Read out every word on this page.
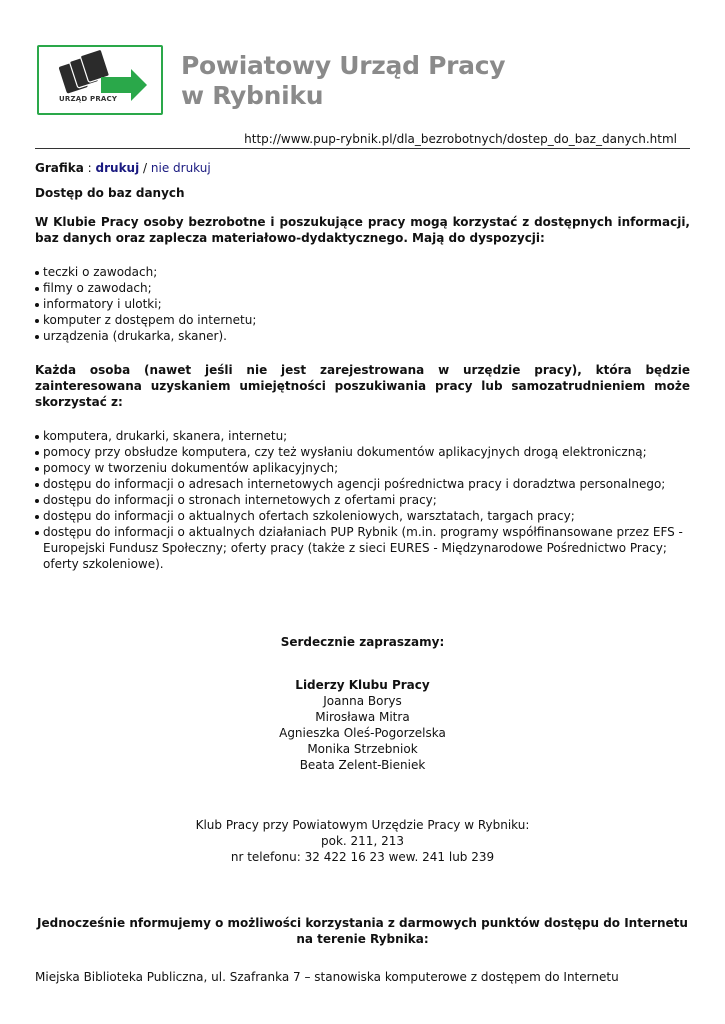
URZĄD PRACY
Powiatowy Urząd Pracy
w Rybniku
http://www.pup-rybnik.pl/dla_bezrobotnych/dostep_do_baz_danych.html

Grafika : drukuj / nie drukuj

Dostęp do baz danych

W Klubie Pracy osoby bezrobotne i poszukujące pracy mogą korzystać z dostępnych informacji, baz danych oraz zaplecza materiałowo-dydaktycznego. Mają do dyspozycji:

teczki o zawodach;
filmy o zawodach;
informatory i ulotki;
komputer z dostępem do internetu;
urządzenia (drukarka, skaner).

Każda osoba (nawet jeśli nie jest zarejestrowana w urzędzie pracy), która będzie zainteresowana uzyskaniem umiejętności poszukiwania pracy lub samozatrudnieniem może skorzystać z:

komputera, drukarki, skanera, internetu;
pomocy przy obsłudze komputera, czy też wysłaniu dokumentów aplikacyjnych drogą elektroniczną;
pomocy w tworzeniu dokumentów aplikacyjnych;
dostępu do informacji o adresach internetowych agencji pośrednictwa pracy i doradztwa personalnego;
dostępu do informacji o stronach internetowych z ofertami pracy;
dostępu do informacji o aktualnych ofertach szkoleniowych, warsztatach, targach pracy;
dostępu do informacji o aktualnych działaniach PUP Rybnik (m.in. programy współfinansowane przez EFS - Europejski Fundusz Społeczny; oferty pracy (także z sieci EURES - Międzynarodowe Pośrednictwo Pracy; oferty szkoleniowe).
Serdecznie zapraszamy:
Liderzy Klubu Pracy
Joanna Borys
Mirosława Mitra
Agnieszka Oleś-Pogorzelska
Monika Strzebniok
Beata Zelent-Bieniek
Klub Pracy przy Powiatowym Urzędzie Pracy w Rybniku:
pok. 211, 213
nr telefonu: 32 422 16 23 wew. 241 lub 239
Jednocześnie nformujemy o możliwości korzystania z darmowych punktów dostępu do Internetu na terenie Rybnika:
Miejska Biblioteka Publiczna, ul. Szafranka 7 – stanowiska komputerowe z dostępem do Internetu
